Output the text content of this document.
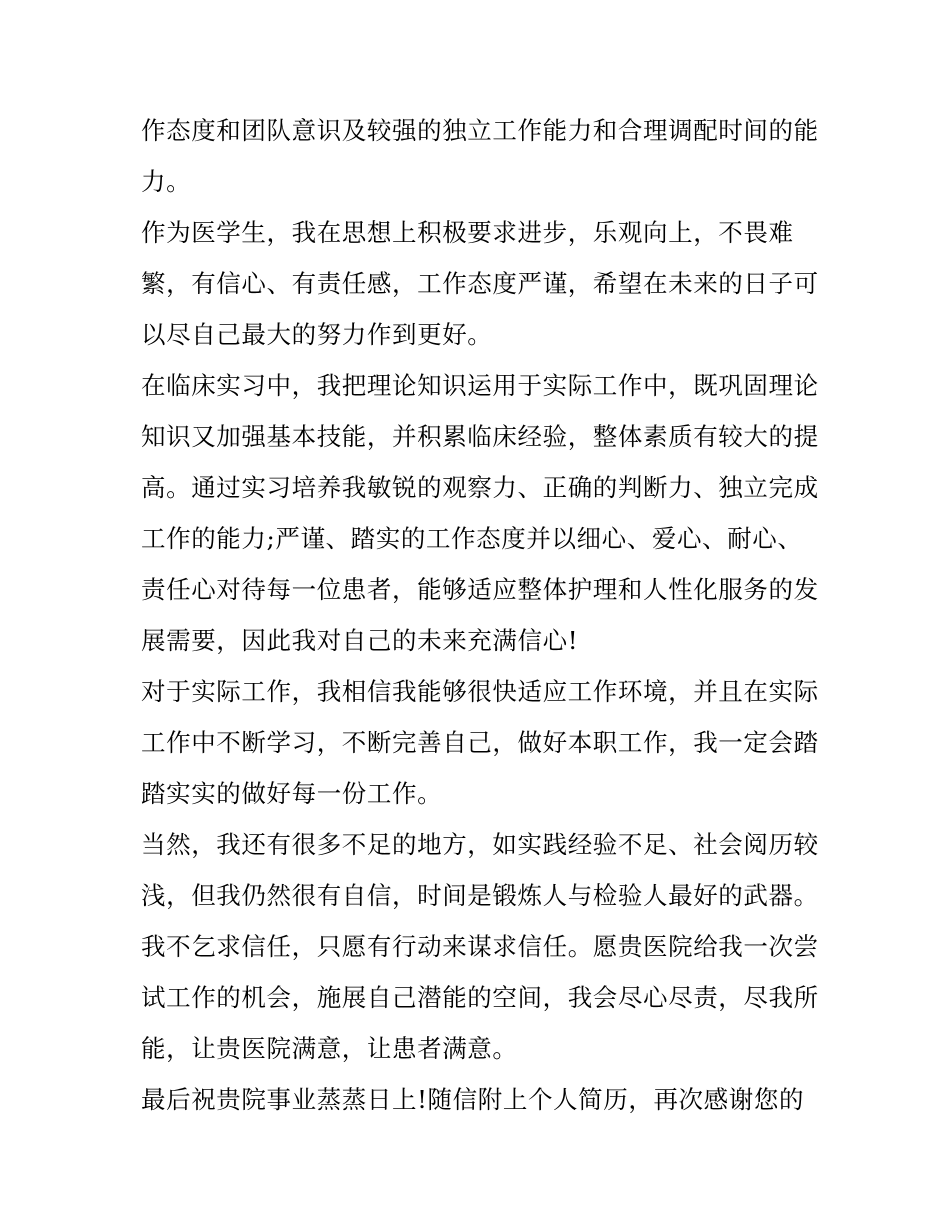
作态度和团队意识及较强的独立工作能力和合理调配时间的能
力。
作为医学生，我在思想上积极要求进步，乐观向上，不畏难
繁，有信心、有责任感，工作态度严谨，希望在未来的日子可
以尽自己最大的努力作到更好。
在临床实习中，我把理论知识运用于实际工作中，既巩固理论
知识又加强基本技能，并积累临床经验，整体素质有较大的提
高。通过实习培养我敏锐的观察力、正确的判断力、独立完成
工作的能力;严谨、踏实的工作态度并以细心、爱心、耐心、
责任心对待每一位患者，能够适应整体护理和人性化服务的发
展需要，因此我对自己的未来充满信心!
对于实际工作，我相信我能够很快适应工作环境，并且在实际
工作中不断学习，不断完善自己，做好本职工作，我一定会踏
踏实实的做好每一份工作。
当然，我还有很多不足的地方，如实践经验不足、社会阅历较
浅，但我仍然很有自信，时间是锻炼人与检验人最好的武器。
我不乞求信任，只愿有行动来谋求信任。愿贵医院给我一次尝
试工作的机会，施展自己潜能的空间，我会尽心尽责，尽我所
能，让贵医院满意，让患者满意。
最后祝贵院事业蒸蒸日上!随信附上个人简历，再次感谢您的
